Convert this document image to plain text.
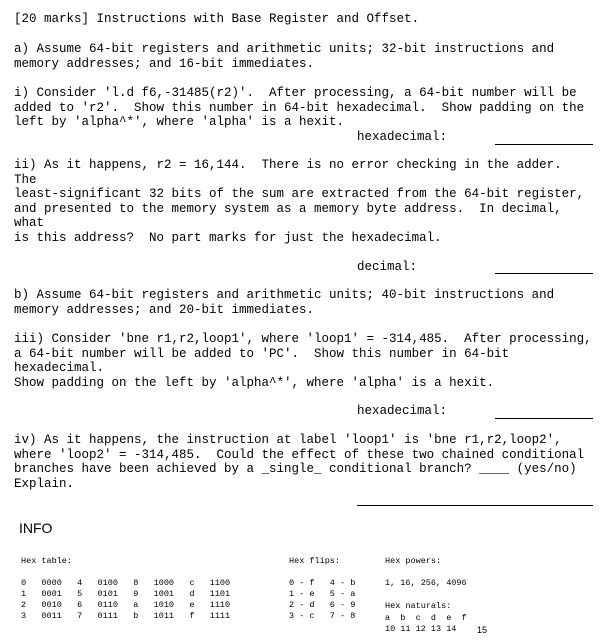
[20 marks] Instructions with Base Register and Offset.
a) Assume 64-bit registers and arithmetic units; 32-bit instructions and
memory addresses; and 16-bit immediates.
i) Consider 'l.d f6,-31485(r2)'.  After processing, a 64-bit number will be
added to 'r2'.  Show this number in 64-bit hexadecimal.  Show padding on the
left by 'alpha^*', where 'alpha' is a hexit.
hexadecimal:
ii) As it happens, r2 = 16,144.  There is no error checking in the adder.
The
least-significant 32 bits of the sum are extracted from the 64-bit register,
and presented to the memory system as a memory byte address.  In decimal,
what
is this address?  No part marks for just the hexadecimal.
decimal:
b) Assume 64-bit registers and arithmetic units; 40-bit instructions and
memory addresses; and 20-bit immediates.
iii) Consider 'bne r1,r2,loop1', where 'loop1' = -314,485.  After processing,
a 64-bit number will be added to 'PC'.  Show this number in 64-bit
hexadecimal.
Show padding on the left by 'alpha^*', where 'alpha' is a hexit.
hexadecimal:
iv) As it happens, the instruction at label 'loop1' is 'bne r1,r2,loop2',
where 'loop2' = -314,485.  Could the effect of these two chained conditional
branches have been achieved by a _single_ conditional branch? ____ (yes/no)
Explain.
INFO
Hex table:
0   0000   4   0100   8   1000   c   1100
1   0001   5   0101   9   1001   d   1101
2   0010   6   0110   a   1010   e   1110
3   0011   7   0111   b   1011   f   1111
Hex flips:
0 - f   4 - b
1 - e   5 - a
2 - d   6 - 9
3 - c   7 - 8
Hex powers:
1, 16, 256, 4096
Hex naturals:
a  b  c  d  e  f
10 11 12 13 14 15
